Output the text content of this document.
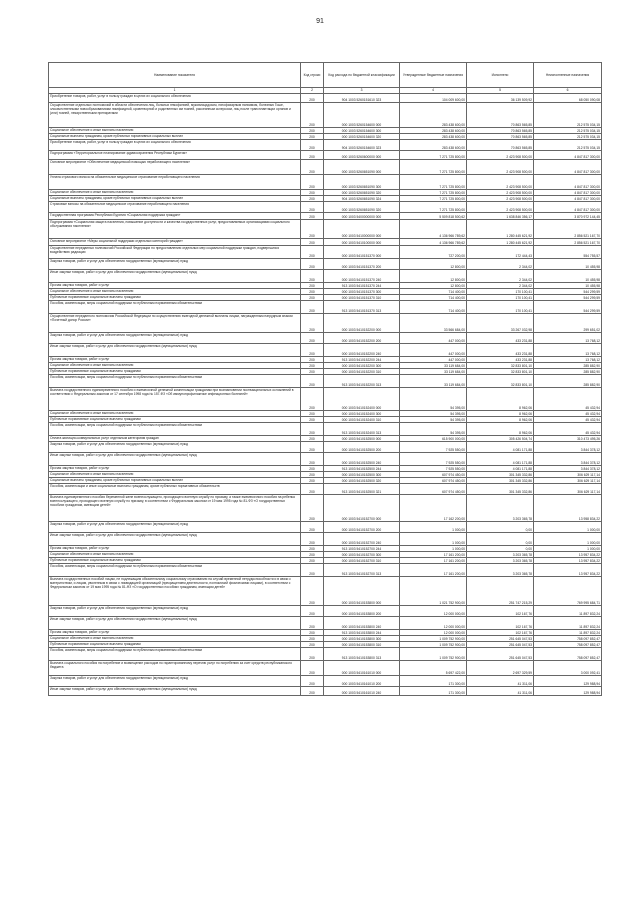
91
Наименование показателя	Код строки	Код расхода по бюджетной классификации	Утвержденные бюджетные назначения	Исполнено	Неисполненные назначения
1	2	3	4	5	6
Приобретение товаров, работ, услуг в пользу граждан в целях их социального обеспечения	200	904 1003 5260151610 323	104 009 600,00	36 139 509,92	68 050 090,08
Осуществление отдельных полномочий в области обеспечения лиц, больных гемофилией, муковисцидозом, гипофизарным нанизмом, болезнью Гоше, злокачественными новообразованиями лимфоидной, кроветворной и родственных им тканей, рассеянным склерозом, лиц после трансплантации органов и (или) тканей, лекарственными препаратами	200	000 1003 5260154600 000	283 438 600,00	70 863 565,85	212 575 034,15
Социальное обеспечение и иные выплаты населению	200	000 1003 5260154600 300	283 438 600,00	70 863 565,85	212 575 034,15
Социальные выплаты гражданам, кроме публичных нормативных социальных выплат	200	000 1003 5260154600 320	283 438 600,00	70 863 565,85	212 575 034,15
Приобретение товаров, работ, услуг в пользу граждан в целях их социального обеспечения	200	904 1003 5260154600 323	283 438 600,00	70 863 565,85	212 575 034,15
Подпрограмма «Территориальное планирование здравоохранения Республики Бурятия»	200	000 1003 5260600000 000	7 271 725 800,00	2 423 908 500,00	4 847 817 300,00
Основное мероприятие «Обеспечение медицинской помощью неработающего населения»	200	000 1003 5260651090 000	7 271 725 800,00	2 423 908 500,00	4 847 817 300,00
Уплата страхового взноса на обязательное медицинское страхование неработающего населения	200	000 1003 5260651090 300	7 271 725 800,00	2 423 908 500,00	4 847 817 300,00
Социальное обеспечение и иные выплаты населению	200	000 1003 5260651090 320	7 271 725 800,00	2 423 908 500,00	4 847 817 300,00
Социальные выплаты гражданам, кроме публичных нормативных социальных выплат	200	904 1003 5260651090 324	7 271 725 800,00	2 423 908 500,00	4 847 817 300,00
Страховые взносы на обязательное медицинское страхование неработающего населения	200	000 1003 5260651090 320	7 271 725 800,00	2 423 908 500,00	4 847 817 300,00
Государственная программа Республики Бурятия «Социальная поддержка граждан»	200	000 1003 5400000000 000	5 509 818 500,62	1 638 846 356,17	3 870 972 144,45
Подпрограмма «Социальная защита населения, повышение доступности и качества государственных услуг, предоставляемых организациями социального обслуживания населения»	200	000 1003 5410000000 000	4 136 966 789,62	1 280 445 621,92	2 856 521 167,70
Основное мероприятие «Меры социальной поддержки отдельных категорий граждан»	200	000 1003 5410100000 000	4 136 966 789,62	1 280 445 621,92	2 856 521 167,70
Осуществление переданных полномочий Российской Федерации по предоставлению отдельных мер социальной поддержки граждан, подвергшихся воздействию радиации	200	000 1003 5410151370 000	727 200,00	172 444,43	554 755,57
Закупка товаров, работ и услуг для обеспечения государственных (муниципальных) нужд	200	000 1003 5410151370 200	12 800,00	2 344,02	10 455,98
Иные закупки товаров, работ и услуг для обеспечения государственных (муниципальных) нужд	200	000 1003 5410151370 240	12 800,00	2 344,02	10 455,98
Прочая закупка товаров, работ и услуг	200	913 1003 5410151370 244	12 800,00	2 344,02	10 455,98
Социальное обеспечение и иные выплаты населению	200	000 1003 5410151370 300	714 400,00	170 100,41	544 299,59
Публичные нормативные социальные выплаты гражданам	200	000 1003 5410151370 310	714 400,00	170 100,41	544 299,59
Пособия, компенсации, меры социальной поддержки по публичным нормативным обязательствам	200	913 1003 5410151370 313	714 400,00	170 100,41	544 299,59
Осуществление переданного полномочия Российской Федерации по осуществлению ежегодной денежной выплаты лицам, награжденным нагрудным знаком «Почетный донор России»	200	000 1003 5410152200 000	33 566 684,00	33 267 032,98	299 651,02
Закупка товаров, работ и услуг для обеспечения государственных (муниципальных) нужд	200	000 1003 5410152200 200	447 000,00	433 231,88	13 768,12
Иные закупки товаров, работ и услуг для обеспечения государственных (муниципальных) нужд	200	000 1003 5410152200 240	447 000,00	433 231,88	13 768,12
Прочая закупка товаров, работ и услуг	200	913 1003 5410152200 244	447 000,00	433 231,88	13 768,12
Социальное обеспечение и иные выплаты населению	200	000 1003 5410152200 300	33 119 684,00	32 833 801,10	285 882,90
Публичные нормативные социальные выплаты гражданам	200	000 1003 5410152200 310	33 119 684,00	32 833 801,10	285 882,90
Пособия, компенсации, меры социальной поддержки по публичным нормативным обязательствам	200	913 1003 5410152200 313	33 119 684,00	32 833 801,10	285 882,90
Выплата государственного единовременного пособия и ежемесячной денежной компенсации гражданам при возникновении поствакцинальных осложнений в соответствии с Федеральным законом от 17 сентября 1998 года № 157-ФЗ «Об иммунопрофилактике инфекционных болезней»	200	000 1003 5410152400 000	54 395,00	8 962,06	45 432,94
Социальное обеспечение и иные выплаты населению	200	000 1003 5410152400 300	54 395,00	8 962,06	45 432,94
Публичные нормативные социальные выплаты гражданам	200	000 1003 5410152400 310	54 395,00	8 962,06	45 432,94
Пособия, компенсации, меры социальной поддержки по публичным нормативным обязательствам	200	913 1003 5410152400 313	54 395,00	8 962,06	45 432,94
Оплата жилищно-коммунальных услуг отдельным категориям граждан	200	000 1003 5410152500 000	615 900 000,00	305 426 504,74	310 473 495,26
Закупка товаров, работ и услуг для обеспечения государственных (муниципальных) нужд	200	000 1003 5410152500 200	7 925 550,00	4 081 171,88	3 844 378,12
Иные закупки товаров, работ и услуг для обеспечения государственных (муниципальных) нужд	200	000 1003 5410152500 240	7 925 550,00	4 081 171,88	3 844 378,12
Прочая закупка товаров, работ и услуг	200	913 1003 5410152500 244	7 925 550,00	4 081 171,88	3 844 378,12
Социальное обеспечение и иные выплаты населению	200	000 1003 5410152500 300	607 974 450,00	301 345 332,86	306 629 117,14
Социальные выплаты гражданам, кроме публичных нормативных социальных выплат	200	000 1003 5410152500 320	607 974 450,00	301 345 332,86	306 629 117,14
Пособия, компенсации и иные социальные выплаты гражданам, кроме публичных нормативных обязательств	200	913 1003 5410152500 321	607 974 450,00	301 345 332,86	306 629 117,14
Выплата единовременного пособия беременной жене военнослужащего, проходящего военную службу по призыву, а также ежемесячного пособия на ребенка военнослужащего, проходящего военную службу по призыву, в соответствии с Федеральным законом от 19 мая 1995 года № 81-ФЗ «О государственных пособиях гражданам, имеющим детей»	200	000 1003 5410152700 000	17 162 200,00	3 203 365,78	13 958 834,22
Закупка товаров, работ и услуг для обеспечения государственных (муниципальных) нужд	200	000 1003 5410152700 200	1 000,00	0,00	1 000,00
Иные закупки товаров, работ и услуг для обеспечения государственных (муниципальных) нужд	200	000 1003 5410152700 240	1 000,00	0,00	1 000,00
Прочая закупка товаров, работ и услуг	200	913 1003 5410152700 244	1 000,00	0,00	1 000,00
Социальное обеспечение и иные выплаты населению	200	000 1003 5410152700 300	17 161 200,00	3 203 365,78	13 957 834,22
Публичные нормативные социальные выплаты гражданам	200	000 1003 5410152700 310	17 161 200,00	3 203 365,78	13 957 834,22
Пособия, компенсации, меры социальной поддержки по публичным нормативным обязательствам	200	913 1003 5410152700 313	17 161 200,00	3 203 365,78	13 957 834,22
Выплата государственных пособий лицам, не подлежащим обязательному социальному страхованию на случай временной нетрудоспособности и в связи с материнством, и лицам, уволенным в связи с ликвидацией организаций (прекращением деятельности, полномочий физическими лицами), в соответствии с Федеральным законом от 19 мая 1995 года № 81-ФЗ «О государственных пособиях гражданам, имеющим детей»	200	000 1003 5410153800 000	1 021 752 900,00	251 747 215,29	769 995 684,71
Закупка товаров, работ и услуг для обеспечения государственных (муниципальных) нужд	200	000 1003 5410153800 200	12 000 000,00	102 167,76	11 897 832,24
Иные закупки товаров, работ и услуг для обеспечения государственных (муниципальных) нужд	200	000 1003 5410153800 240	12 000 000,00	102 167,76	11 897 832,24
Прочая закупка товаров, работ и услуг	200	913 1003 5410153800 244	12 000 000,00	102 167,76	11 897 832,24
Социальное обеспечение и иные выплаты населению	200	000 1003 5410153800 300	1 009 752 900,00	251 645 047,53	758 097 852,47
Публичные нормативные социальные выплаты гражданам	200	000 1003 5410153800 310	1 009 752 900,00	251 645 047,53	758 097 852,47
Пособия, компенсации, меры социальной поддержки по публичным нормативным обязательствам	200	913 1003 5410153800 313	1 009 752 900,00	251 645 047,53	758 097 852,47
Выплата социального пособия на погребение и возмещение расходов по гарантированному перечню услуг по погребению за счет средств республиканского бюджета	200	000 1003 5410161010 000	5 697 422,00	2 697 329,59	3 000 092,41
Закупка товаров, работ и услуг для обеспечения государственных (муниципальных) нужд	200	000 1003 5410161010 200	171 300,00	41 311,06	129 988,94
Иные закупки товаров, работ и услуг для обеспечения государственных (муниципальных) нужд	200	000 1003 5410161010 240	171 300,00	41 311,06	129 988,94
